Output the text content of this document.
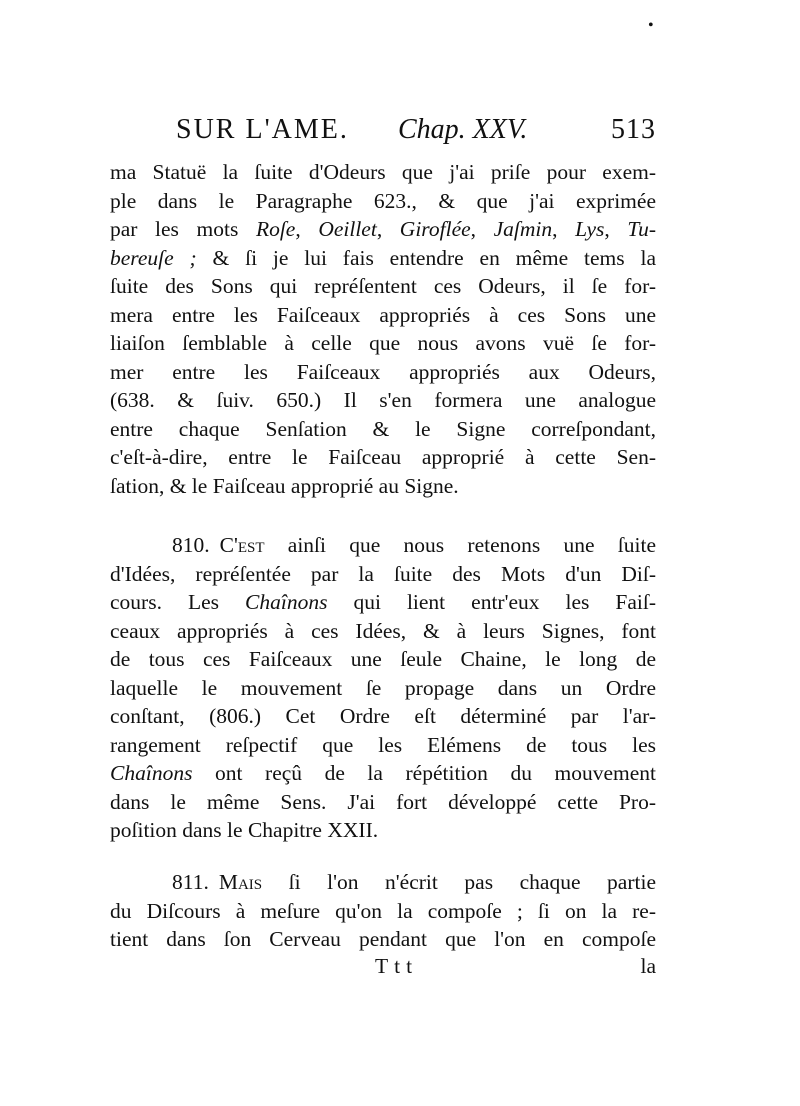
•
SUR L'AME. Chap. XXV.	513
ma Statuë la ſuite d'Odeurs que j'ai priſe pour exem-
ple dans le Paragraphe 623., & que j'ai exprimée
par les mots Roſe, Oeillet, Giroflée, Jaſmin, Lys, Tu-
bereuſe ; & ſi je lui fais entendre en même tems la
ſuite des Sons qui repréſentent ces Odeurs, il ſe for-
mera entre les Faiſceaux appropriés à ces Sons une
liaiſon ſemblable à celle que nous avons vuë ſe for-
mer entre les Faiſceaux appropriés aux Odeurs,
(638. & ſuiv. 650.) Il s'en formera une analogue
entre chaque Senſation & le Signe correſpondant,
c'eſt-à-dire, entre le Faiſceau approprié à cette Sen-
ſation, & le Faiſceau approprié au Signe.
810. C'est ainſi que nous retenons une ſuite
d'Idées, repréſentée par la ſuite des Mots d'un Diſ-
cours. Les Chaînons qui lient entr'eux les Faiſ-
ceaux appropriés à ces Idées, & à leurs Signes, font
de tous ces Faiſceaux une ſeule Chaine, le long de
laquelle le mouvement ſe propage dans un Ordre
conſtant, (806.) Cet Ordre eſt déterminé par l'ar-
rangement reſpectif que les Elémens de tous les
Chaînons ont reçû de la répétition du mouvement
dans le même Sens. J'ai fort développé cette Pro-
poſition dans le Chapitre XXII.
811. Mais ſi l'on n'écrit pas chaque partie
du Diſcours à meſure qu'on la compoſe ; ſi on la re-
tient dans ſon Cerveau pendant que l'on en compoſe
Ttt	la
